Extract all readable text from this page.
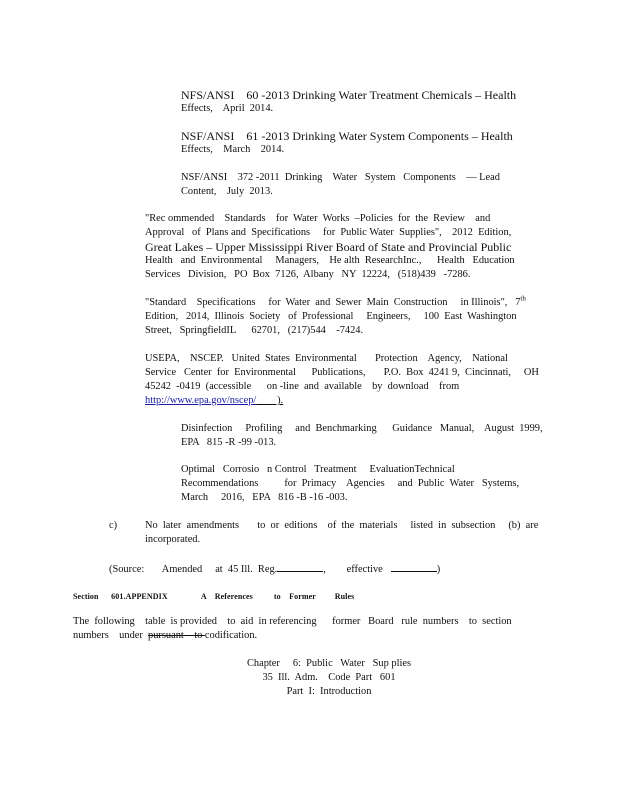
NFS/ANSI    60 -2013 Drinking Water Treatment Chemicals – Health
Effects,    April  2014.
NSF/ANSI    61 -2013 Drinking Water System Components – Health
Effects,    March    2014.
NSF/ANSI    372 -2011  Drinking    Water   System   Components    — Lead
Content,    July  2013.
"Rec ommended    Standards    for  Water  Works  –Policies  for  the  Review    and
Approval   of  Plans and  Specifications     for  Public Water  Supplies",    2012  Edition,
Great Lakes – Upper Mississippi River Board of State and Provincial Public
Health   and  Environmental     Managers,    He alth  ResearchInc.,      Health   Education
Services   Division,   PO  Box  7126,  Albany   NY  12224,   (518)439   -7286.
"Standard    Specifications     for  Water  and  Sewer  Main  Construction     in Illinois",   7th
Edition,   2014,  Illinois  Society   of  Professional     Engineers,     100  East  Washington
Street,   SpringfieldIL      62701,   (217)544    -7424.
USEPA,    NSCEP.   United  States  Environmental       Protection    Agency,    National
Service   Center  for  Environmental      Publications,       P.O.  Box  4241 9,  Cincinnati,     OH
45242  -0419  (accessible      on -line  and  available    by  download    from
http://www.epa.gov/nscep/        ).
Disinfection     Profiling     and  Benchmarking      Guidance   Manual,    August  1999,
EPA   815 -R -99 -013.
Optimal   Corrosio   n Control   Treatment     EvaluationTechnical
Recommendations          for  Primacy    Agencies     and  Public  Water   Systems,
March     2016,   EPA   816 -B -16 -003.
c)	No  later  amendments       to  or  editions    of  the  materials     listed  in  subsection     (b)  are
incorporated.
(Source:       Amended     at  45 Ill.  Reg.	,        effective	)
Section      601.APPENDIX                A    References          to    Former         Rules
The  following    table  is provided    to  aid  in referencing      former   Board   rule  numbers    to  section
numbers    under  pursuant    to codification.
Chapter     6:  Public   Water   Sup plies
35  Ill.  Adm.    Code  Part   601
Part  I:  Introduction
